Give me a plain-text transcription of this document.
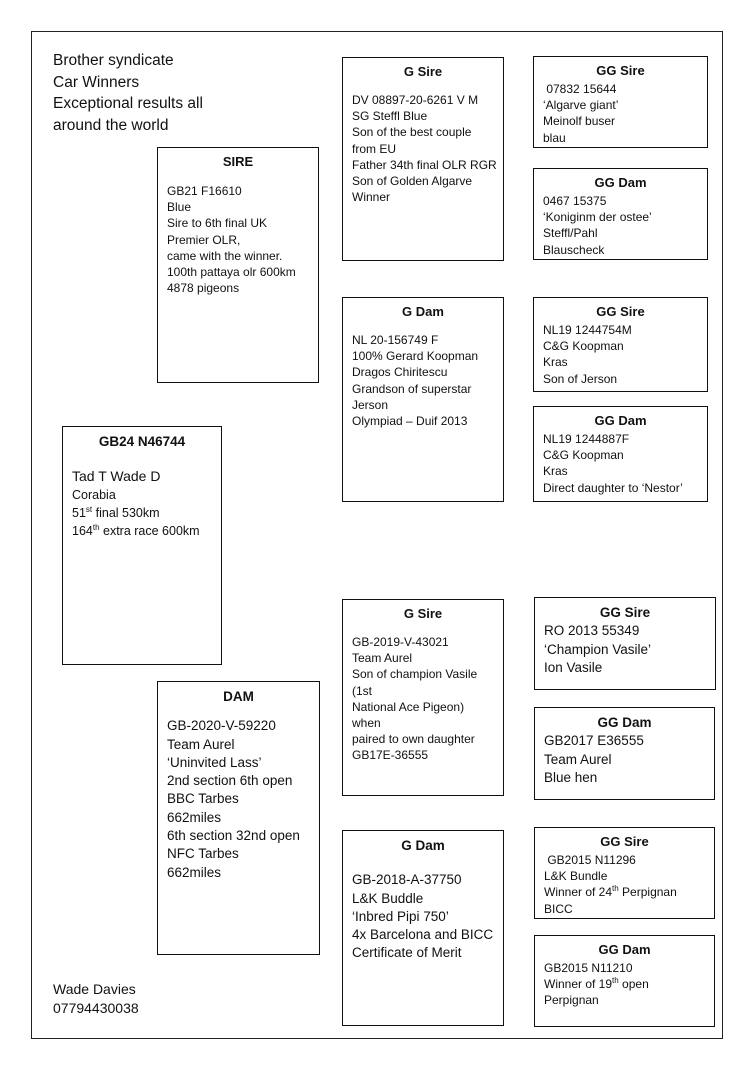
Brother syndicate
Car Winners
Exceptional results all
around the world
GB24 N46744
Tad T Wade D
Corabia
51st final 530km
164th extra race 600km
SIRE
GB21 F16610
Blue
Sire to 6th final UK
Premier OLR,
came with the winner.
100th pattaya olr 600km
4878 pigeons
DAM
GB-2020-V-59220
Team Aurel
‘Uninvited Lass’
2nd section 6th open
BBC Tarbes
662miles
6th section 32nd open
NFC Tarbes
662miles
G Sire
DV 08897-20-6261 V M
SG Steffl Blue
Son of the best couple
from EU
Father 34th final OLR RGR
Son of Golden Algarve
Winner
G Dam
NL 20-156749 F
100% Gerard Koopman
Dragos Chiritescu
Grandson of superstar
Jerson
Olympiad – Duif 2013
G Sire
GB-2019-V-43021
Team Aurel
Son of champion Vasile
(1st
National Ace Pigeon)
when
paired to own daughter
GB17E-36555
G Dam
GB-2018-A-37750
L&K Buddle
‘Inbred Pipi 750’
4x Barcelona and BICC
Certificate of Merit
GG Sire
07832 15644
‘Algarve giant’
Meinolf buser
blau
GG Dam
0467 15375
‘Koniginm der ostee’
Steffl/Pahl
Blauscheck
GG Sire
NL19 1244754M
C&G Koopman
Kras
Son of Jerson
GG Dam
NL19 1244887F
C&G Koopman
Kras
Direct daughter to ‘Nestor’
GG Sire
RO 2013 55349
‘Champion Vasile’
Ion Vasile
GG Dam
GB2017 E36555
Team Aurel
Blue hen
GG Sire
GB2015 N11296
L&K Bundle
Winner of 24th Perpignan
BICC
GG Dam
GB2015 N11210
Winner of 19th open
Perpignan
Wade Davies
07794430038
